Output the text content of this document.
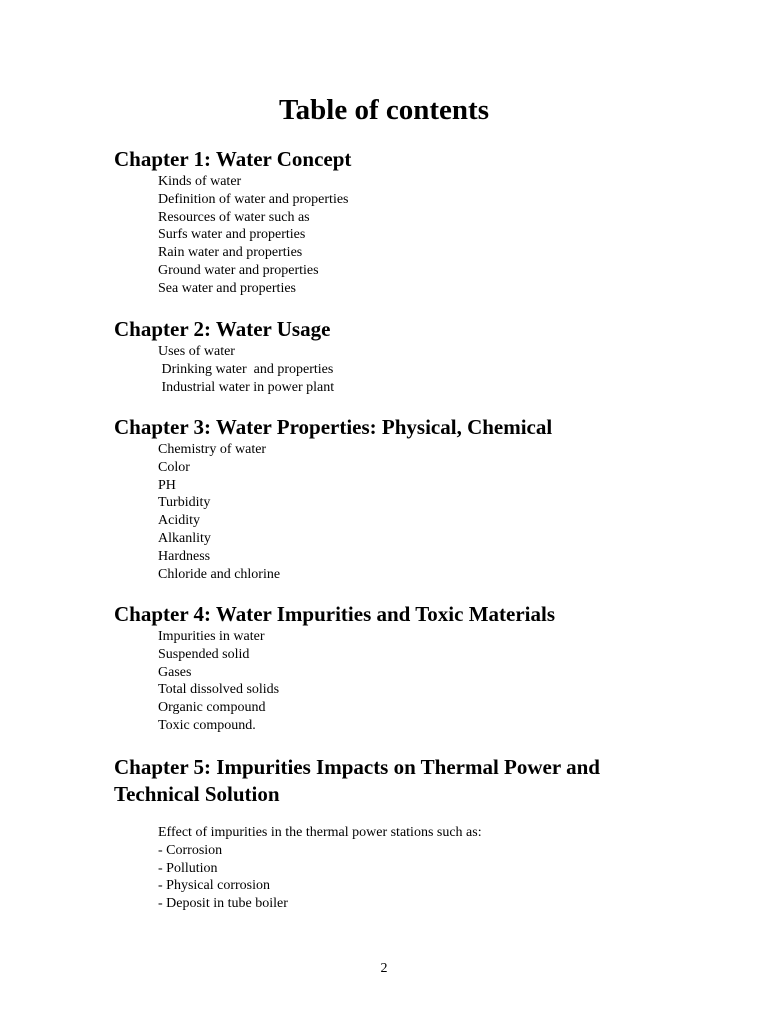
Table of contents
Chapter 1: Water Concept
Kinds of water
Definition of water and properties
Resources of water such as
Surfs water and properties
Rain water and properties
Ground water and properties
Sea water and properties
Chapter 2: Water Usage
Uses of water
Drinking water  and properties
Industrial water in power plant
Chapter 3: Water Properties: Physical, Chemical
Chemistry of water
Color
PH
Turbidity
Acidity
Alkanlity
Hardness
Chloride and chlorine
Chapter 4: Water Impurities and Toxic Materials
Impurities in water
Suspended solid
Gases
Total dissolved solids
Organic compound
Toxic compound.
Chapter 5: Impurities Impacts on Thermal Power and
Technical Solution
Effect of impurities in the thermal power stations such as:
- Corrosion
- Pollution
- Physical corrosion
- Deposit in tube boiler
2
